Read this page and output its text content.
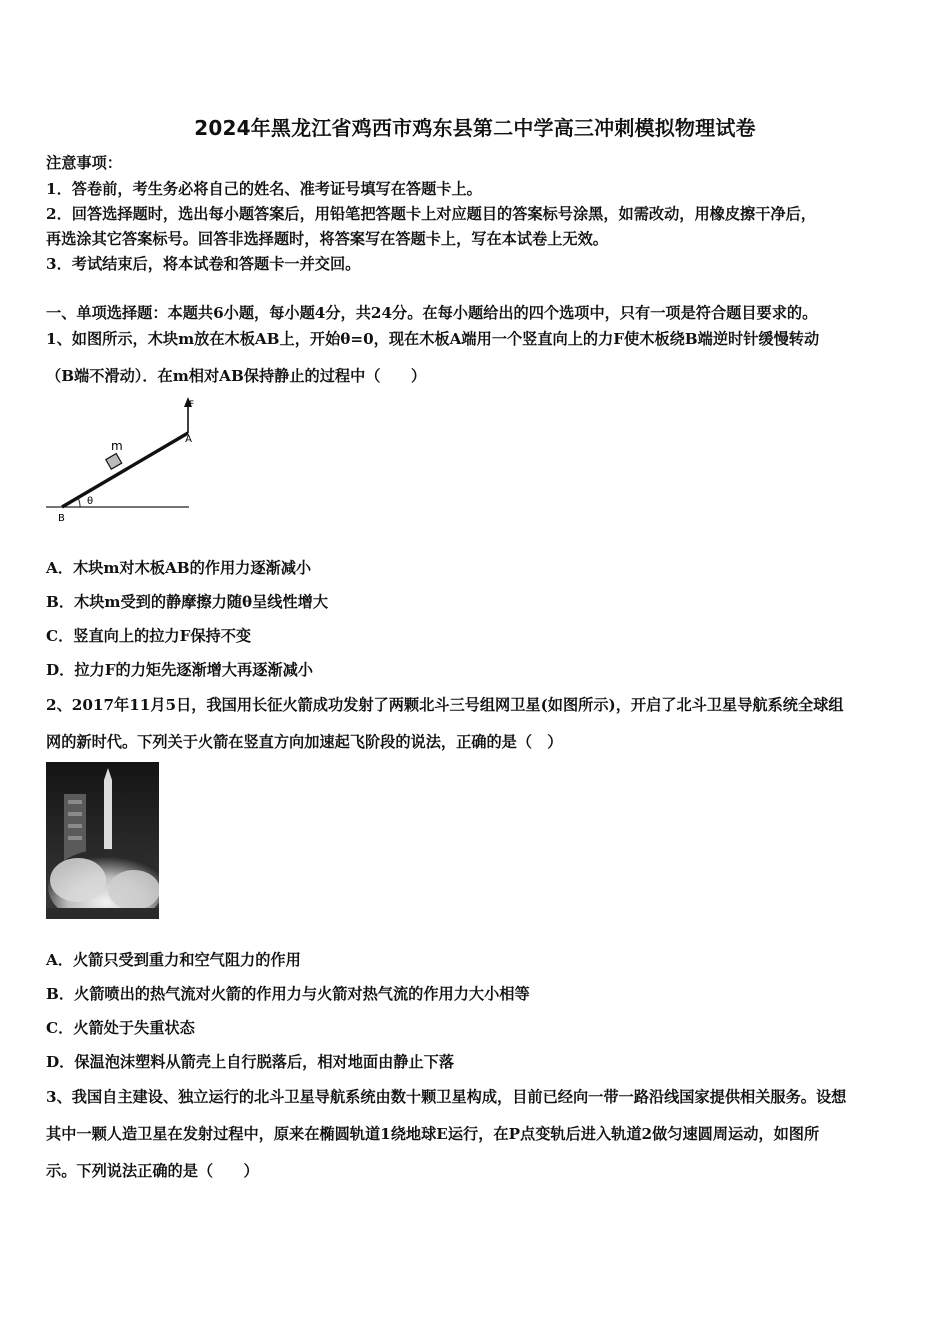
2024年黑龙江省鸡西市鸡东县第二中学高三冲刺模拟物理试卷
注意事项：
1．答卷前，考生务必将自己的姓名、准考证号填写在答题卡上。
2．回答选择题时，选出每小题答案后，用铅笔把答题卡上对应题目的答案标号涂黑，如需改动，用橡皮擦干净后，
再选涂其它答案标号。回答非选择题时，将答案写在答题卡上，写在本试卷上无效。
3．考试结束后，将本试卷和答题卡一并交回。
一、单项选择题：本题共6小题，每小题4分，共24分。在每小题给出的四个选项中，只有一项是符合题目要求的。
1、如图所示，木块m放在木板AB上，开始θ=0，现在木板A端用一个竖直向上的力F使木板绕B端逆时针缓慢转动
（B端不滑动）．在m相对AB保持静止的过程中（　　）
F
A
m
θ
B
A．木块m对木板AB的作用力逐渐减小
B．木块m受到的静摩擦力随θ呈线性增大
C．竖直向上的拉力F保持不变
D．拉力F的力矩先逐渐增大再逐渐减小
2、2017年11月5日，我国用长征火箭成功发射了两颗北斗三号组网卫星(如图所示)，开启了北斗卫星导航系统全球组
网的新时代。下列关于火箭在竖直方向加速起飞阶段的说法，正确的是（　）
A．火箭只受到重力和空气阻力的作用
B．火箭喷出的热气流对火箭的作用力与火箭对热气流的作用力大小相等
C．火箭处于失重状态
D．保温泡沫塑料从箭壳上自行脱落后，相对地面由静止下落
3、我国自主建设、独立运行的北斗卫星导航系统由数十颗卫星构成，目前已经向一带一路沿线国家提供相关服务。设想
其中一颗人造卫星在发射过程中，原来在椭圆轨道1绕地球E运行，在P点变轨后进入轨道2做匀速圆周运动，如图所
示。下列说法正确的是（　　）
